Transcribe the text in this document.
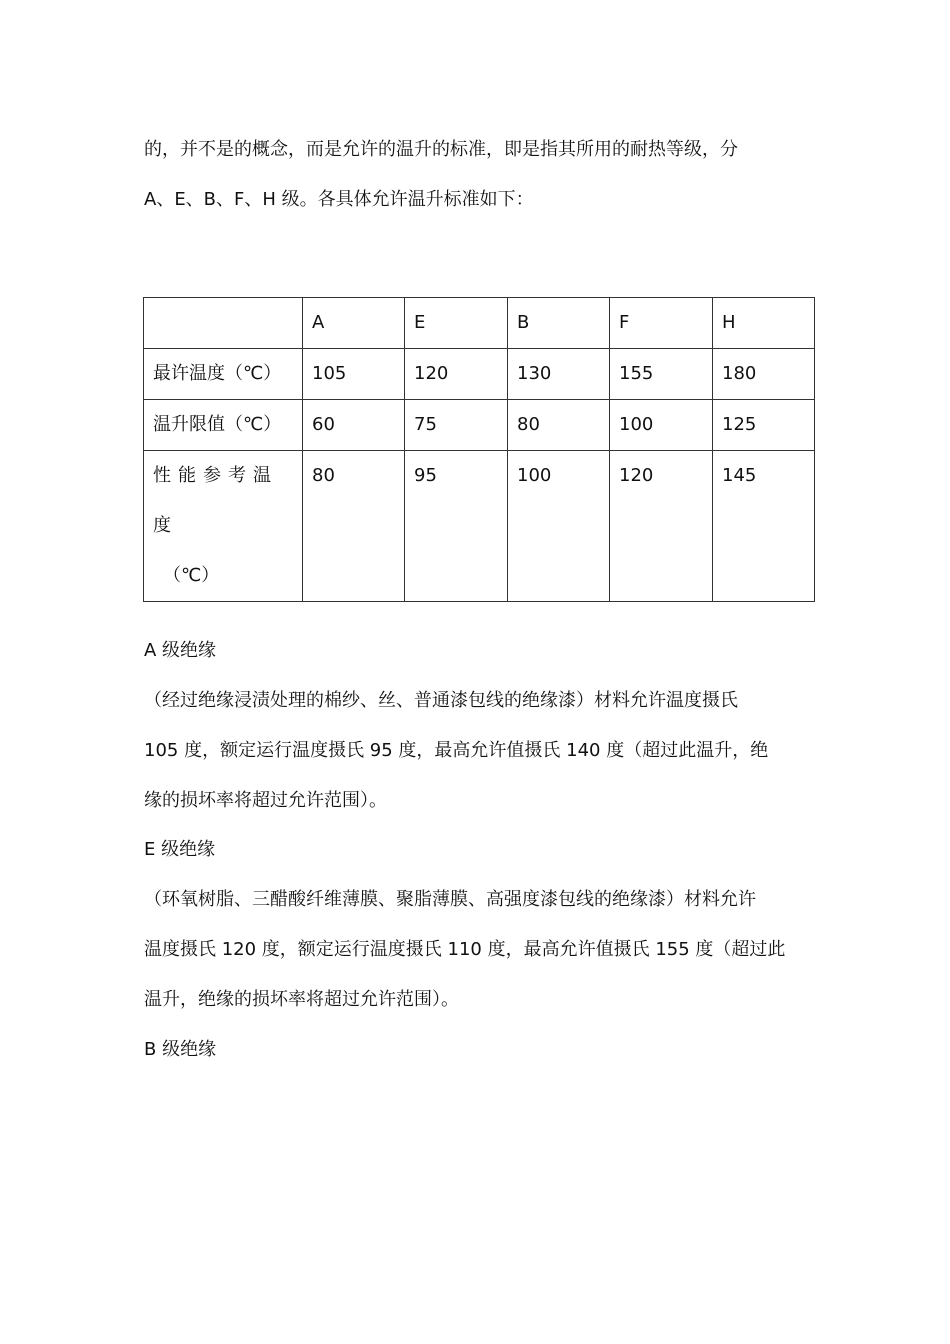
的，并不是的概念，而是允许的温升的标准，即是指其所用的耐热等级，分

A、E、B、F、H 级。各具体允许温升标准如下：

	A	E	B	F	H
最许温度（℃）	105	120	130	155	180
温升限值（℃）	60	75	80	100	125

性能参考温度
（℃）	80	95	100	120	145

A 级绝缘

（经过绝缘浸渍处理的棉纱、丝、普通漆包线的绝缘漆）材料允许温度摄氏

105 度，额定运行温度摄氏 95 度，最高允许值摄氏 140 度（超过此温升，绝

缘的损坏率将超过允许范围）。

E 级绝缘

（环氧树脂、三醋酸纤维薄膜、聚脂薄膜、高强度漆包线的绝缘漆）材料允许

温度摄氏 120 度，额定运行温度摄氏 110 度，最高允许值摄氏 155 度（超过此

温升，绝缘的损坏率将超过允许范围）。

B 级绝缘
